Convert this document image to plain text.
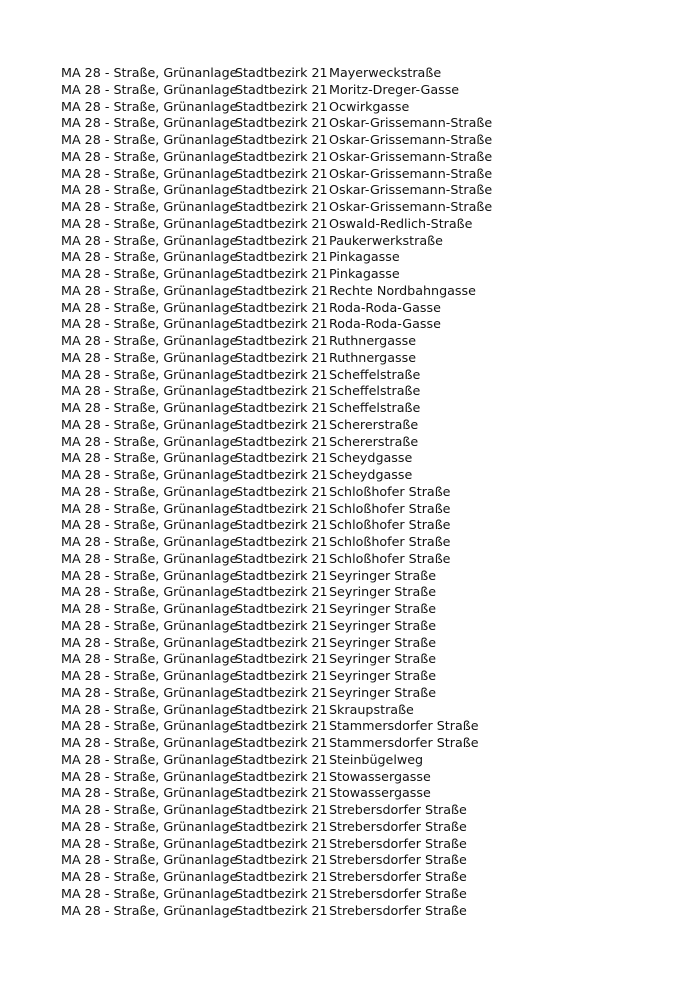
MA 28 - Straße, Grünanlage
Stadtbezirk 21 Mayerweckstraße
MA 28 - Straße, Grünanlage
Stadtbezirk 21 Moritz-Dreger-Gasse
MA 28 - Straße, Grünanlage
Stadtbezirk 21 Ocwirkgasse
MA 28 - Straße, Grünanlage
Stadtbezirk 21 Oskar-Grissemann-Straße
MA 28 - Straße, Grünanlage
Stadtbezirk 21 Oskar-Grissemann-Straße
MA 28 - Straße, Grünanlage
Stadtbezirk 21 Oskar-Grissemann-Straße
MA 28 - Straße, Grünanlage
Stadtbezirk 21 Oskar-Grissemann-Straße
MA 28 - Straße, Grünanlage
Stadtbezirk 21 Oskar-Grissemann-Straße
MA 28 - Straße, Grünanlage
Stadtbezirk 21 Oskar-Grissemann-Straße
MA 28 - Straße, Grünanlage
Stadtbezirk 21 Oswald-Redlich-Straße
MA 28 - Straße, Grünanlage
Stadtbezirk 21 Paukerwerkstraße
MA 28 - Straße, Grünanlage
Stadtbezirk 21 Pinkagasse
MA 28 - Straße, Grünanlage
Stadtbezirk 21 Pinkagasse
MA 28 - Straße, Grünanlage
Stadtbezirk 21 Rechte Nordbahngasse
MA 28 - Straße, Grünanlage
Stadtbezirk 21 Roda-Roda-Gasse
MA 28 - Straße, Grünanlage
Stadtbezirk 21 Roda-Roda-Gasse
MA 28 - Straße, Grünanlage
Stadtbezirk 21 Ruthnergasse
MA 28 - Straße, Grünanlage
Stadtbezirk 21 Ruthnergasse
MA 28 - Straße, Grünanlage
Stadtbezirk 21 Scheffelstraße
MA 28 - Straße, Grünanlage
Stadtbezirk 21 Scheffelstraße
MA 28 - Straße, Grünanlage
Stadtbezirk 21 Scheffelstraße
MA 28 - Straße, Grünanlage
Stadtbezirk 21 Schererstraße
MA 28 - Straße, Grünanlage
Stadtbezirk 21 Schererstraße
MA 28 - Straße, Grünanlage
Stadtbezirk 21 Scheydgasse
MA 28 - Straße, Grünanlage
Stadtbezirk 21 Scheydgasse
MA 28 - Straße, Grünanlage
Stadtbezirk 21 Schloßhofer Straße
MA 28 - Straße, Grünanlage
Stadtbezirk 21 Schloßhofer Straße
MA 28 - Straße, Grünanlage
Stadtbezirk 21 Schloßhofer Straße
MA 28 - Straße, Grünanlage
Stadtbezirk 21 Schloßhofer Straße
MA 28 - Straße, Grünanlage
Stadtbezirk 21 Schloßhofer Straße
MA 28 - Straße, Grünanlage
Stadtbezirk 21 Seyringer Straße
MA 28 - Straße, Grünanlage
Stadtbezirk 21 Seyringer Straße
MA 28 - Straße, Grünanlage
Stadtbezirk 21 Seyringer Straße
MA 28 - Straße, Grünanlage
Stadtbezirk 21 Seyringer Straße
MA 28 - Straße, Grünanlage
Stadtbezirk 21 Seyringer Straße
MA 28 - Straße, Grünanlage
Stadtbezirk 21 Seyringer Straße
MA 28 - Straße, Grünanlage
Stadtbezirk 21 Seyringer Straße
MA 28 - Straße, Grünanlage
Stadtbezirk 21 Seyringer Straße
MA 28 - Straße, Grünanlage
Stadtbezirk 21 Skraupstraße
MA 28 - Straße, Grünanlage
Stadtbezirk 21 Stammersdorfer Straße
MA 28 - Straße, Grünanlage
Stadtbezirk 21 Stammersdorfer Straße
MA 28 - Straße, Grünanlage
Stadtbezirk 21 Steinbügelweg
MA 28 - Straße, Grünanlage
Stadtbezirk 21 Stowassergasse
MA 28 - Straße, Grünanlage
Stadtbezirk 21 Stowassergasse
MA 28 - Straße, Grünanlage
Stadtbezirk 21 Strebersdorfer Straße
MA 28 - Straße, Grünanlage
Stadtbezirk 21 Strebersdorfer Straße
MA 28 - Straße, Grünanlage
Stadtbezirk 21 Strebersdorfer Straße
MA 28 - Straße, Grünanlage
Stadtbezirk 21 Strebersdorfer Straße
MA 28 - Straße, Grünanlage
Stadtbezirk 21 Strebersdorfer Straße
MA 28 - Straße, Grünanlage
Stadtbezirk 21 Strebersdorfer Straße
MA 28 - Straße, Grünanlage
Stadtbezirk 21 Strebersdorfer Straße
